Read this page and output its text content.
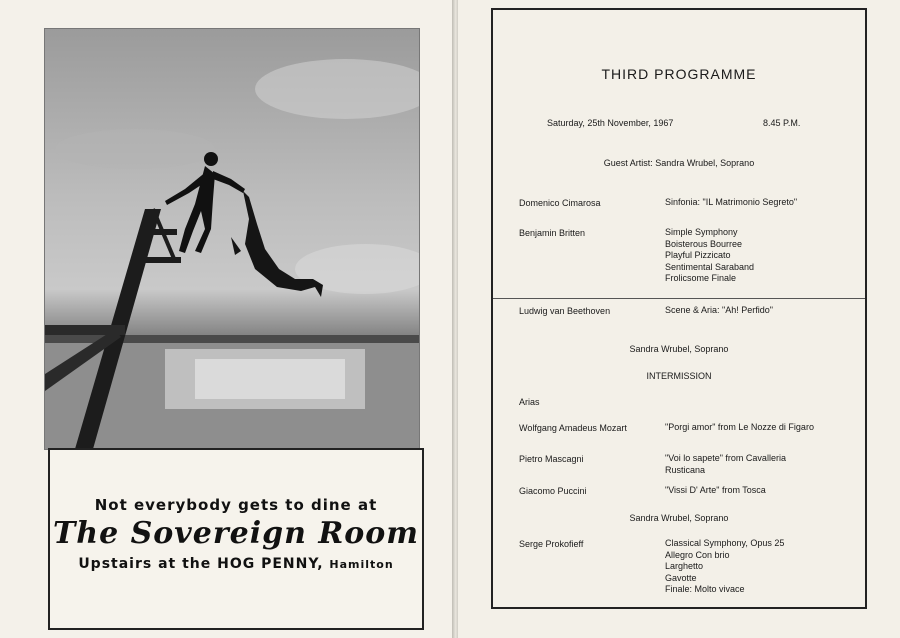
Not everybody gets to dine at
The Sovereign Room
Upstairs at the HOG PENNY, Hamilton
THIRD PROGRAMME
Saturday, 25th November, 1967	8.45 P.M.
Guest Artist: Sandra Wrubel, Soprano
Domenico Cimarosa	Sinfonia: "IL Matrimonio Segreto"
Benjamin Britten	Simple Symphony
Boisterous Bourree
Playful Pizzicato
Sentimental Saraband
Frolicsome Finale
Ludwig van Beethoven	Scene & Aria: "Ah! Perfido"
Sandra Wrubel, Soprano
INTERMISSION
Arias
Wolfgang Amadeus Mozart	"Porgi amor" from Le Nozze di Figaro
Pietro Mascagni	"Voi lo sapete" from Cavalleria
Rusticana
Giacomo Puccini	"Vissi D' Arte" from Tosca
Sandra Wrubel, Soprano
Serge Prokofieff	Classical Symphony, Opus 25
Allegro Con brio
Larghetto
Gavotte
Finale: Molto vivace
